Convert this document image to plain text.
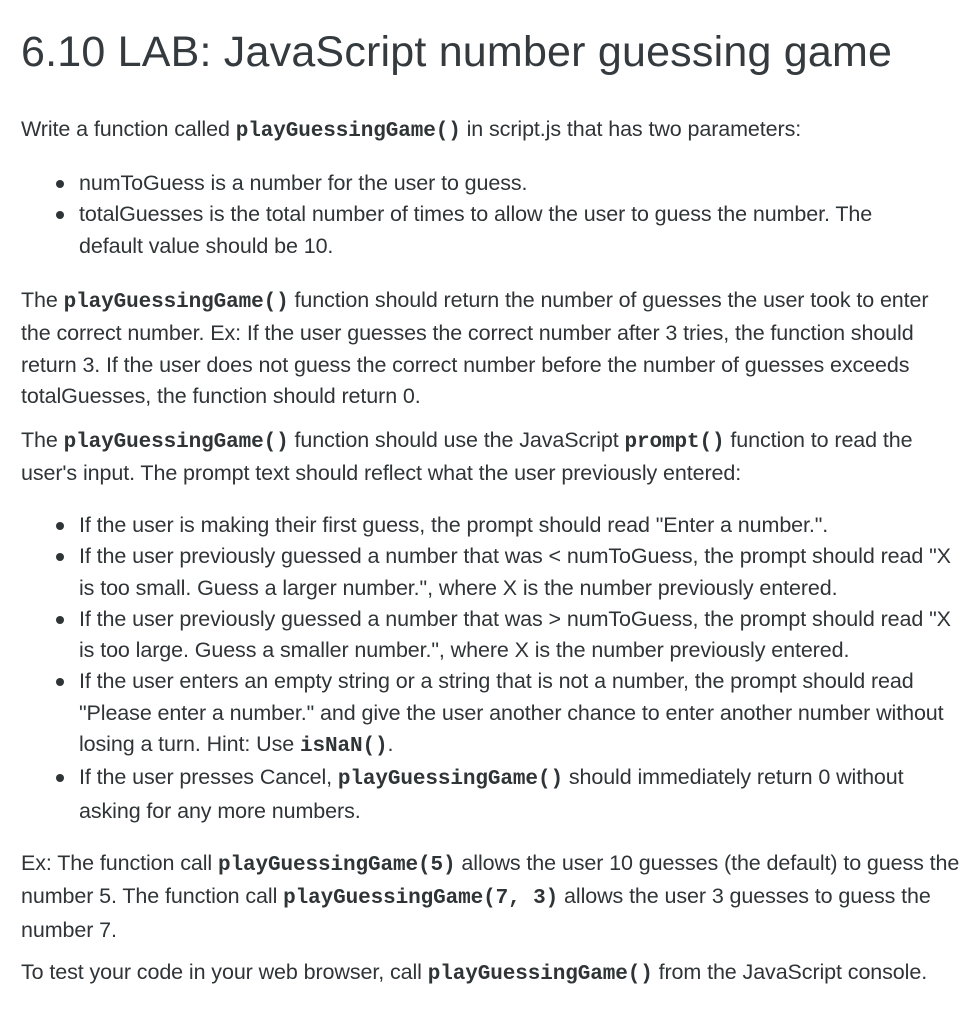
6.10 LAB: JavaScript number guessing game

Write a function called playGuessingGame() in script.js that has two parameters:

numToGuess is a number for the user to guess.
totalGuesses is the total number of times to allow the user to guess the number. The default value should be 10.

The playGuessingGame() function should return the number of guesses the user took to enter the correct number. Ex: If the user guesses the correct number after 3 tries, the function should return 3. If the user does not guess the correct number before the number of guesses exceeds totalGuesses, the function should return 0.

The playGuessingGame() function should use the JavaScript prompt() function to read the user's input. The prompt text should reflect what the user previously entered:

If the user is making their first guess, the prompt should read "Enter a number.".
If the user previously guessed a number that was < numToGuess, the prompt should read "X is too small. Guess a larger number.", where X is the number previously entered.
If the user previously guessed a number that was > numToGuess, the prompt should read "X is too large. Guess a smaller number.", where X is the number previously entered.
If the user enters an empty string or a string that is not a number, the prompt should read "Please enter a number." and give the user another chance to enter another number without losing a turn. Hint: Use isNaN().
If the user presses Cancel, playGuessingGame() should immediately return 0 without asking for any more numbers.

Ex: The function call playGuessingGame(5) allows the user 10 guesses (the default) to guess the number 5. The function call playGuessingGame(7, 3) allows the user 3 guesses to guess the number 7.

To test your code in your web browser, call playGuessingGame() from the JavaScript console.
